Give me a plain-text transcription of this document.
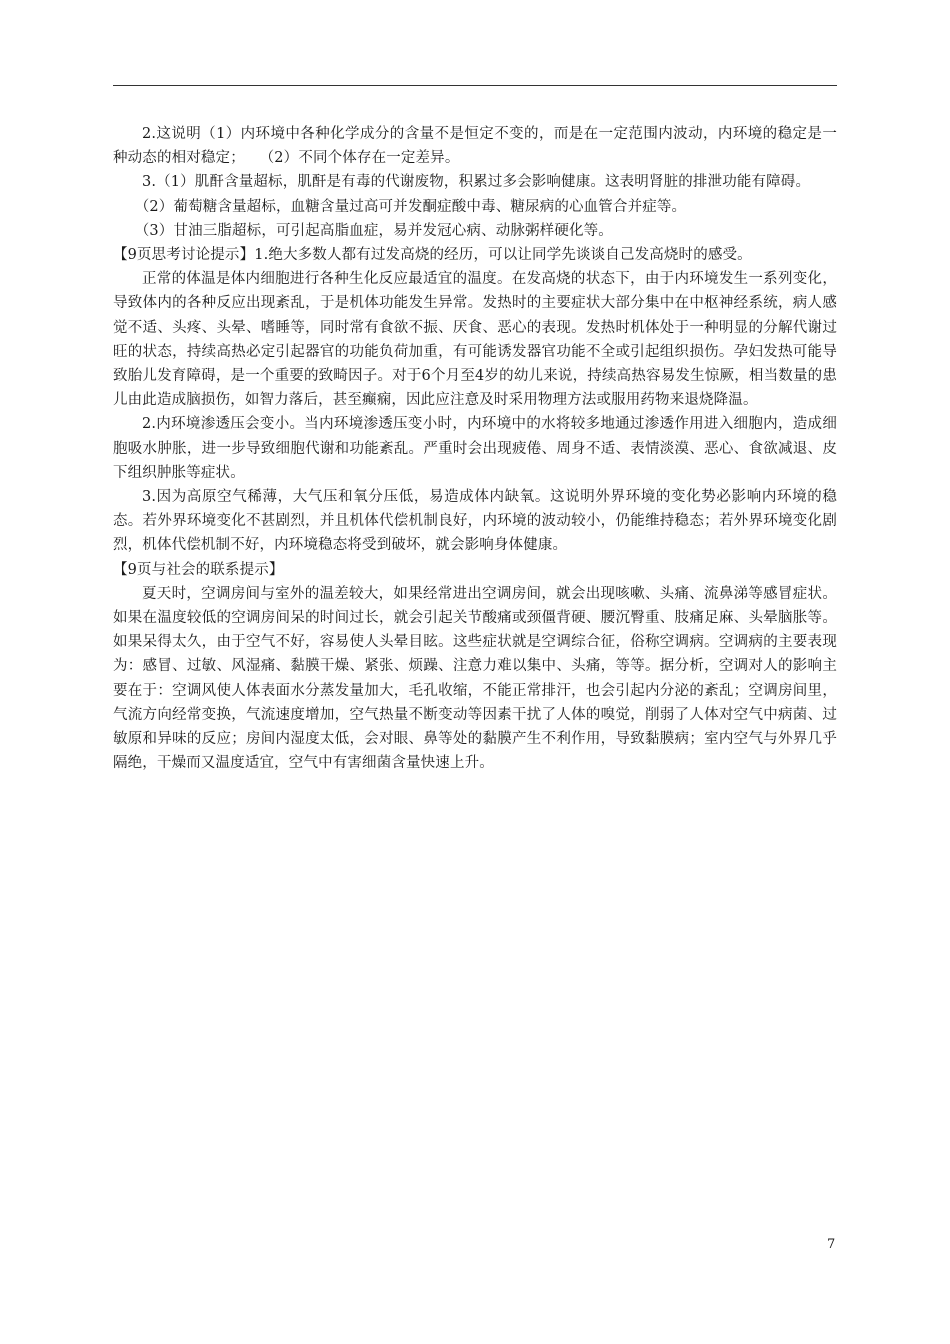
2.这说明（1）内环境中各种化学成分的含量不是恒定不变的，而是在一定范围内波动，内环境的稳定是一种动态的相对稳定；　　（2）不同个体存在一定差异。

3.（1）肌酐含量超标，肌酐是有毒的代谢废物，积累过多会影响健康。这表明肾脏的排泄功能有障碍。

（2）葡萄糖含量超标，血糖含量过高可并发酮症酸中毒、糖尿病的心血管合并症等。

（3）甘油三脂超标，可引起高脂血症，易并发冠心病、动脉粥样硬化等。

【9页思考讨论提示】1.绝大多数人都有过发高烧的经历，可以让同学先谈谈自己发高烧时的感受。

正常的体温是体内细胞进行各种生化反应最适宜的温度。在发高烧的状态下，由于内环境发生一系列变化，导致体内的各种反应出现紊乱，于是机体功能发生异常。发热时的主要症状大部分集中在中枢神经系统，病人感觉不适、头疼、头晕、嗜睡等，同时常有食欲不振、厌食、恶心的表现。发热时机体处于一种明显的分解代谢过旺的状态，持续高热必定引起器官的功能负荷加重，有可能诱发器官功能不全或引起组织损伤。孕妇发热可能导致胎儿发育障碍，是一个重要的致畸因子。对于6个月至4岁的幼儿来说，持续高热容易发生惊厥，相当数量的患儿由此造成脑损伤，如智力落后，甚至癫痫，因此应注意及时采用物理方法或服用药物来退烧降温。

2.内环境渗透压会变小。当内环境渗透压变小时，内环境中的水将较多地通过渗透作用进入细胞内，造成细胞吸水肿胀，进一步导致细胞代谢和功能紊乱。严重时会出现疲倦、周身不适、表情淡漠、恶心、食欲减退、皮下组织肿胀等症状。

3.因为高原空气稀薄，大气压和氧分压低，易造成体内缺氧。这说明外界环境的变化势必影响内环境的稳态。若外界环境变化不甚剧烈，并且机体代偿机制良好，内环境的波动较小，仍能维持稳态；若外界环境变化剧烈，机体代偿机制不好，内环境稳态将受到破坏，就会影响身体健康。

【9页与社会的联系提示】

夏天时，空调房间与室外的温差较大，如果经常进出空调房间，就会出现咳嗽、头痛、流鼻涕等感冒症状。如果在温度较低的空调房间呆的时间过长，就会引起关节酸痛或颈僵背硬、腰沉臀重、肢痛足麻、头晕脑胀等。如果呆得太久，由于空气不好，容易使人头晕目眩。这些症状就是空调综合征，俗称空调病。空调病的主要表现为：感冒、过敏、风湿痛、黏膜干燥、紧张、烦躁、注意力难以集中、头痛，等等。据分析，空调对人的影响主要在于：空调风使人体表面水分蒸发量加大，毛孔收缩，不能正常排汗，也会引起内分泌的紊乱；空调房间里，气流方向经常变换，气流速度增加，空气热量不断变动等因素干扰了人体的嗅觉，削弱了人体对空气中病菌、过敏原和异味的反应；房间内湿度太低，会对眼、鼻等处的黏膜产生不利作用，导致黏膜病；室内空气与外界几乎隔绝，干燥而又温度适宜，空气中有害细菌含量快速上升。

7
